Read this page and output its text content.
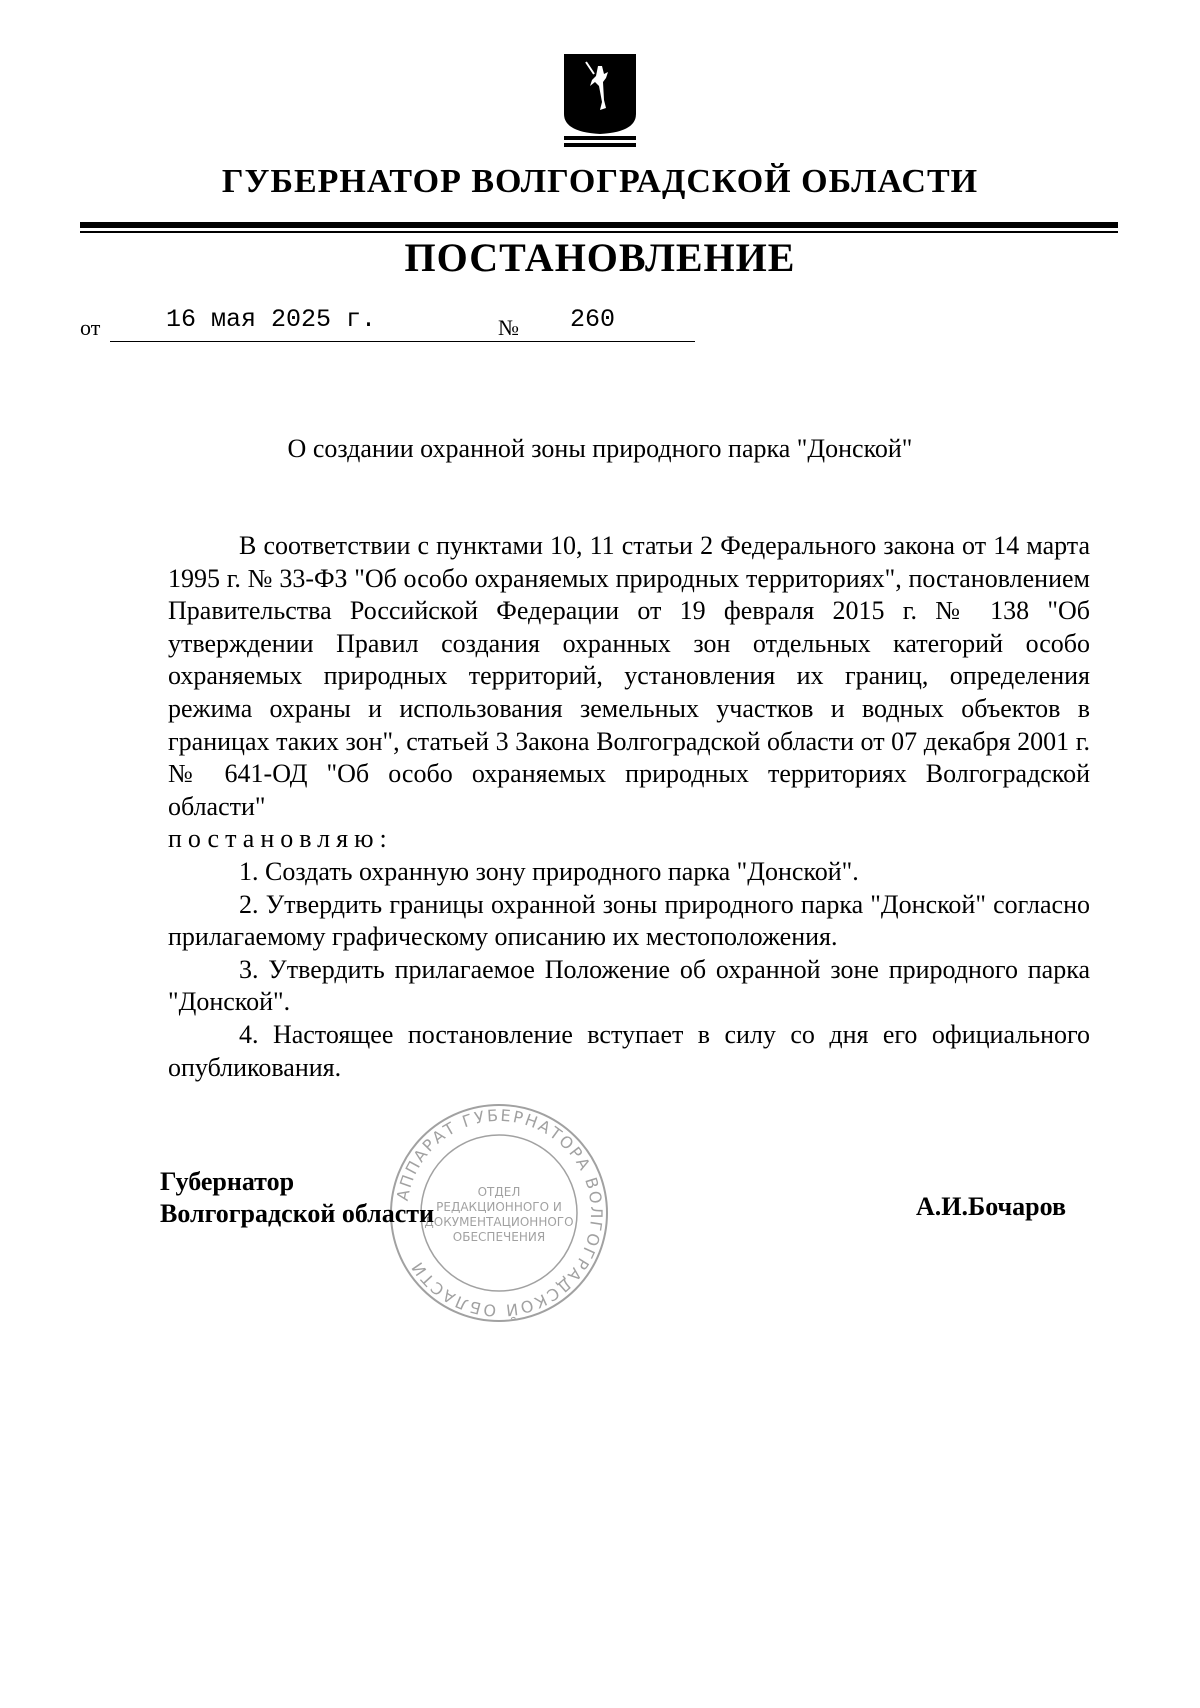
ГУБЕРНАТОР ВОЛГОГРАДСКОЙ ОБЛАСТИ
ПОСТАНОВЛЕНИЕ
от	16 мая 2025 г.	№ 260
О создании охранной зоны природного парка "Донской"

В соответствии с пунктами 10, 11 статьи 2 Федерального закона от 14 марта 1995 г. № 33-ФЗ "Об особо охраняемых природных территориях", постановлением Правительства Российской Федерации от 19 февраля 2015 г. № 138 "Об утверждении Правил создания охранных зон отдельных категорий особо охраняемых природных территорий, установления их границ, определения режима охраны и использования земельных участков и водных объектов в границах таких зон", статьей 3 Закона Волгоградской области от 07 декабря 2001 г. № 641-ОД "Об особо охраняемых природных территориях Волгоградской области"

постановляю:

1. Создать охранную зону природного парка "Донской".

2. Утвердить границы охранной зоны природного парка "Донской" согласно прилагаемому графическому описанию их местоположения.

3. Утвердить прилагаемое Положение об охранной зоне природного парка "Донской".

4. Настоящее постановление вступает в силу со дня его официального опубликования.

АППАРАТ ГУБЕРНАТОРА ВОЛГОГРАДСКОЙ ОБЛАСТИ
ОТДЕЛ
РЕДАКЦИОННОГО И
ДОКУМЕНТАЦИОННОГО
ОБЕСПЕЧЕНИЯ
Губернатор
Волгоградской области	А.И.Бочаров
